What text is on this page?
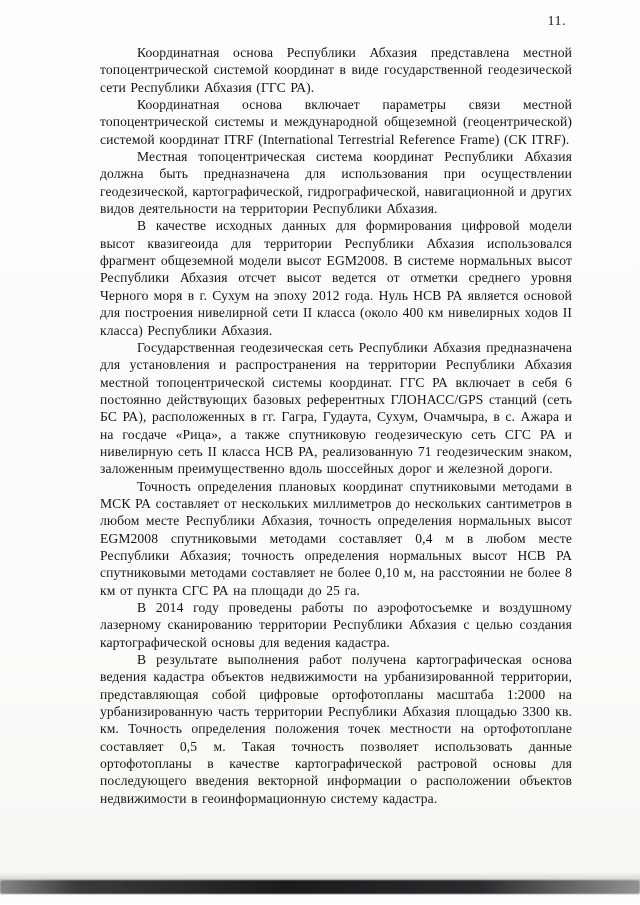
11.

Координатная основа Республики Абхазия представлена местной топоцентрической системой координат в виде государственной геодезической сети Республики Абхазия (ГГС РА).

Координатная основа включает параметры связи местной топоцентрической системы и международной общеземной (геоцентрической) системой координат ITRF (International Terrestrial Reference Frame) (СК ITRF).

Местная топоцентрическая система координат Республики Абхазия должна быть предназначена для использования при осуществлении геодезической, картографической, гидрографической, навигационной и других видов деятельности на территории Республики Абхазия.

В качестве исходных данных для формирования цифровой модели высот квазигеоида для территории Республики Абхазия использовался фрагмент общеземной модели высот EGM2008. В системе нормальных высот Республики Абхазия отсчет высот ведется от отметки среднего уровня Черного моря в г. Сухум на эпоху 2012 года. Нуль НСВ РА является основой для построения нивелирной сети II класса (около 400 км нивелирных ходов II класса) Республики Абхазия.

Государственная геодезическая сеть Республики Абхазия предназначена для установления и распространения на территории Республики Абхазия местной топоцентрической системы координат. ГГС РА включает в себя 6 постоянно действующих базовых референтных ГЛОНАСС/GPS станций (сеть БС РА), расположенных в гг. Гагра, Гудаута, Сухум, Очамчыра, в с. Ажара и на госдаче «Рица», а также спутниковую геодезическую сеть СГС РА и нивелирную сеть II класса НСВ РА, реализованную 71 геодезическим знаком, заложенным преимущественно вдоль шоссейных дорог и железной дороги.

Точность определения плановых координат спутниковыми методами в МСК РА составляет от нескольких миллиметров до нескольких сантиметров в любом месте Республики Абхазия, точность определения нормальных высот EGM2008 спутниковыми методами составляет 0,4 м в любом месте Республики Абхазия; точность определения нормальных высот НСВ РА спутниковыми методами составляет не более 0,10 м, на расстоянии не более 8 км от пункта СГС РА на площади до 25 га.

В 2014 году проведены работы по аэрофотосъемке и воздушному лазерному сканированию территории Республики Абхазия с целью создания картографической основы для ведения кадастра.

В результате выполнения работ получена картографическая основа ведения кадастра объектов недвижимости на урбанизированной территории, представляющая собой цифровые ортофотопланы масштаба 1:2000 на урбанизированную часть территории Республики Абхазия площадью 3300 кв. км. Точность определения положения точек местности на ортофотоплане составляет 0,5 м. Такая точность позволяет использовать данные ортофотопланы в качестве картографической растровой основы для последующего введения векторной информации о расположении объектов недвижимости в геоинформационную систему кадастра.
